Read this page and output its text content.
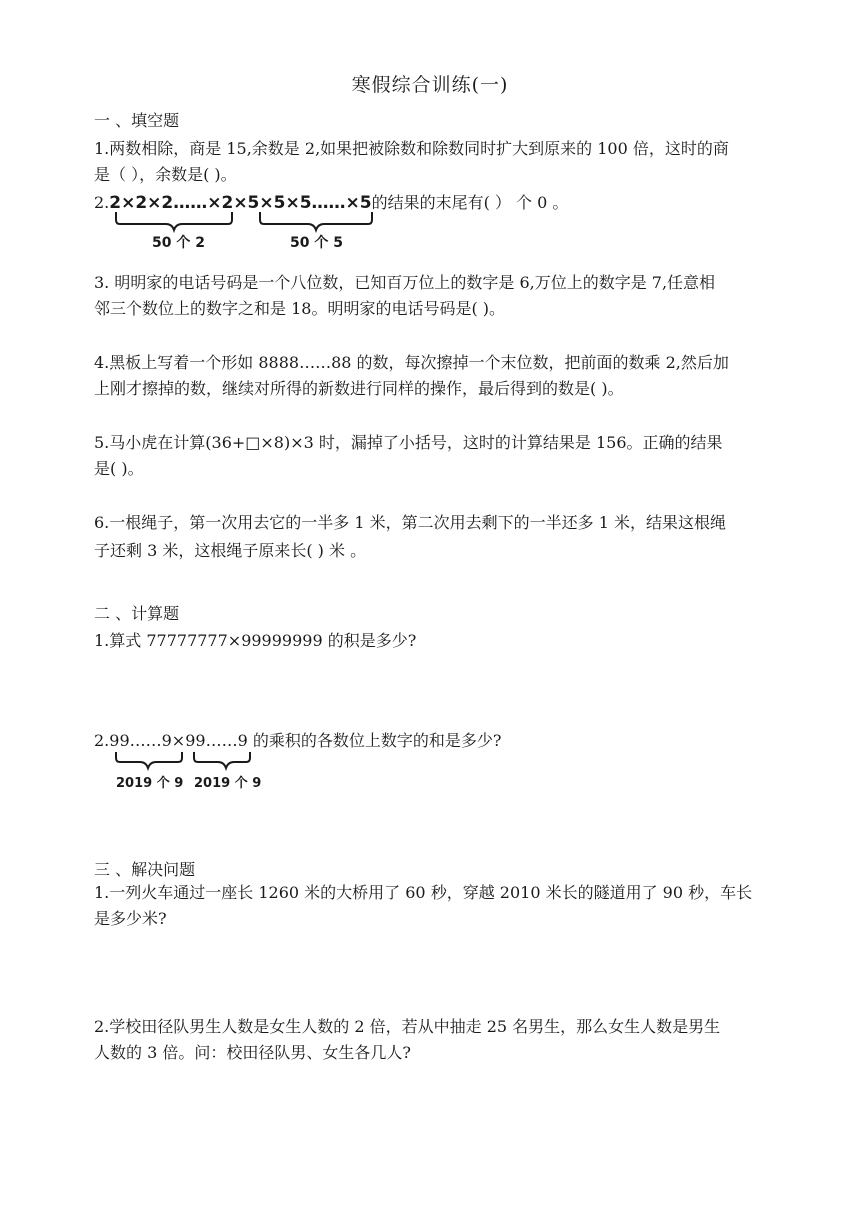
寒假综合训练(一)
一 、填空题
1.两数相除，商是 15,余数是 2,如果把被除数和除数同时扩大到原来的 100 倍，这时的商
是（ ），余数是( )。
2.2×2×2……×2×5×5×5……×5的结果的末尾有( ） 个 0 。
50 个 2	50 个 5
3. 明明家的电话号码是一个八位数，已知百万位上的数字是 6,万位上的数字是 7,任意相
邻三个数位上的数字之和是 18。明明家的电话号码是( )。
4.黑板上写着一个形如 8888……88 的数，每次擦掉一个末位数，把前面的数乘 2,然后加
上刚才擦掉的数，继续对所得的新数进行同样的操作，最后得到的数是( )。
5.马小虎在计算(36+□×8)×3 时，漏掉了小括号，这时的计算结果是 156。正确的结果
是( )。
6.一根绳子，第一次用去它的一半多 1 米，第二次用去剩下的一半还多 1 米，结果这根绳
子还剩 3 米，这根绳子原来长( ) 米 。
二 、计算题
1.算式 77777777×99999999 的积是多少?
2.99……9×99……9 的乘积的各数位上数字的和是多少?
2019 个 9 2019 个 9
三 、解决问题
1.一列火车通过一座长 1260 米的大桥用了 60 秒，穿越 2010 米长的隧道用了 90 秒，车长
是多少米?
2.学校田径队男生人数是女生人数的 2 倍，若从中抽走 25 名男生，那么女生人数是男生
人数的 3 倍。问：校田径队男、女生各几人?
